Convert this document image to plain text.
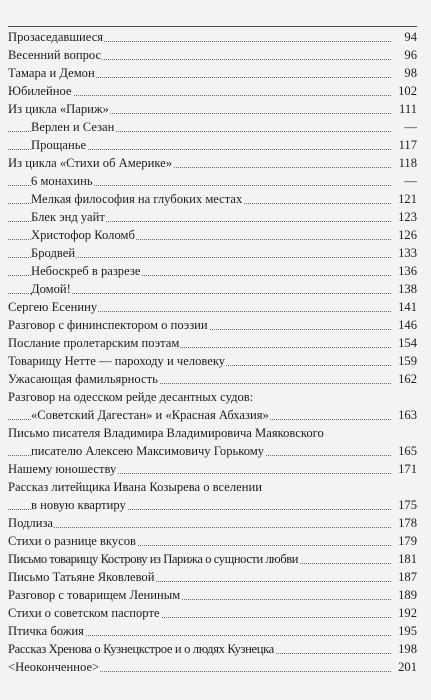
Прозаседавшиеся	94
Весенний вопрос	96
Тамара и Демон	98
Юбилейное	102
Из цикла «Париж»	111
Верлен и Сезан	—
Прощанье	117
Из цикла «Стихи об Америке»	118
6 монахинь	—
Мелкая философия на глубоких местах	121
Блек энд уайт	123
Христофор Коломб	126
Бродвей	133
Небоскреб в разрезе	136
Домой!	138
Сергею Есенину	141
Разговор с фининспектором о поэзии	146
Послание пролетарским поэтам	154
Товарищу Нетте — пароходу и человеку	159
Ужасающая фамильярность	162
Разговор на одесском рейде десантных судов:
«Советский Дагестан» и «Красная Абхазия»	163
Письмо писателя Владимира Владимировича Маяковского
писателю Алексею Максимовичу Горькому	165
Нашему юношеству	171
Рассказ литейщика Ивана Козырева о вселении
в новую квартиру	175
Подлиза	178
Стихи о разнице вкусов	179
Письмо товарищу Кострову из Парижа о сущности любви	181
Письмо Татьяне Яковлевой	187
Разговор с товарищем Лениным	189
Стихи о советском паспорте	192
Птичка божия	195
Рассказ Хренова о Кузнецкстрое и о людях Кузнецка	198
<Неоконченное>	201
